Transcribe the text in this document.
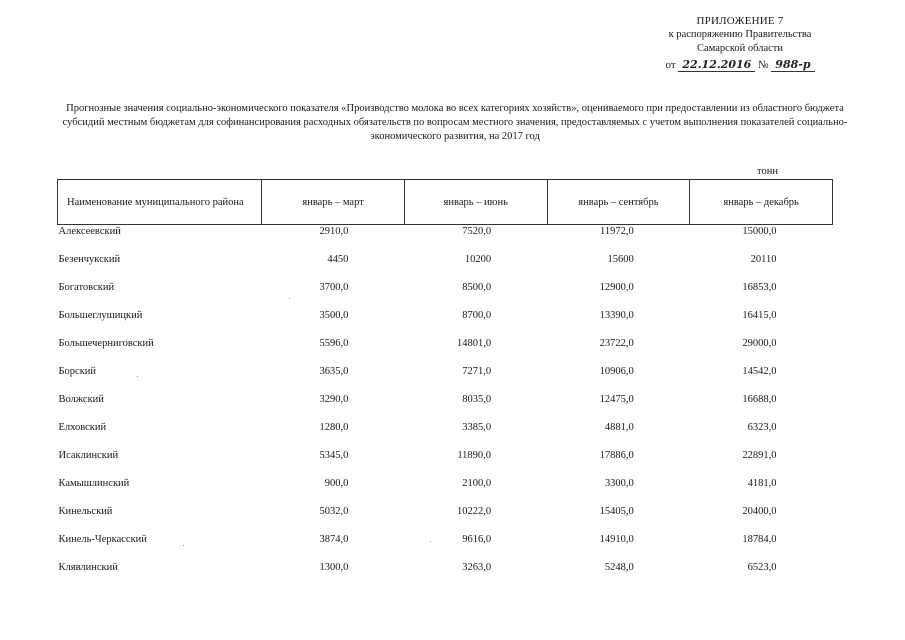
ПРИЛОЖЕНИЕ 7
к распоряжению Правительства
Самарской области
от 22.12.2016 № 988-р
Прогнозные значения социально-экономического показателя «Производство молока во всех категориях хозяйств», оцениваемого при предоставлении из областного бюджета субсидий местным бюджетам для софинансирования расходных обязательств по вопросам местного значения, предоставляемых с учетом выполнения показателей социально-экономического развития, на 2017 год
тонн
Наименование муниципального района	январь – март	январь – июнь	январь – сентябрь	январь – декабрь
Алексеевский	2910,0	7520,0	11972,0	15000,0
Безенчукский	4450	10200	15600	20110
Богатовский	3700,0	8500,0	12900,0	16853,0
Большеглушицкий	3500,0	8700,0	13390,0	16415,0
Большечерниговский	5596,0	14801,0	23722,0	29000,0
Борский	3635,0	7271,0	10906,0	14542,0
Волжский	3290,0	8035,0	12475,0	16688,0
Елховский	1280,0	3385,0	4881,0	6323,0
Исаклинский	5345,0	11890,0	17886,0	22891,0
Камышлинский	900,0	2100,0	3300,0	4181,0
Кинельский	5032,0	10222,0	15405,0	20400,0
Кинель-Черкасский	3874,0	9616,0	14910,0	18784,0
Клявлинский	1300,0	3263,0	5248,0	6523,0
